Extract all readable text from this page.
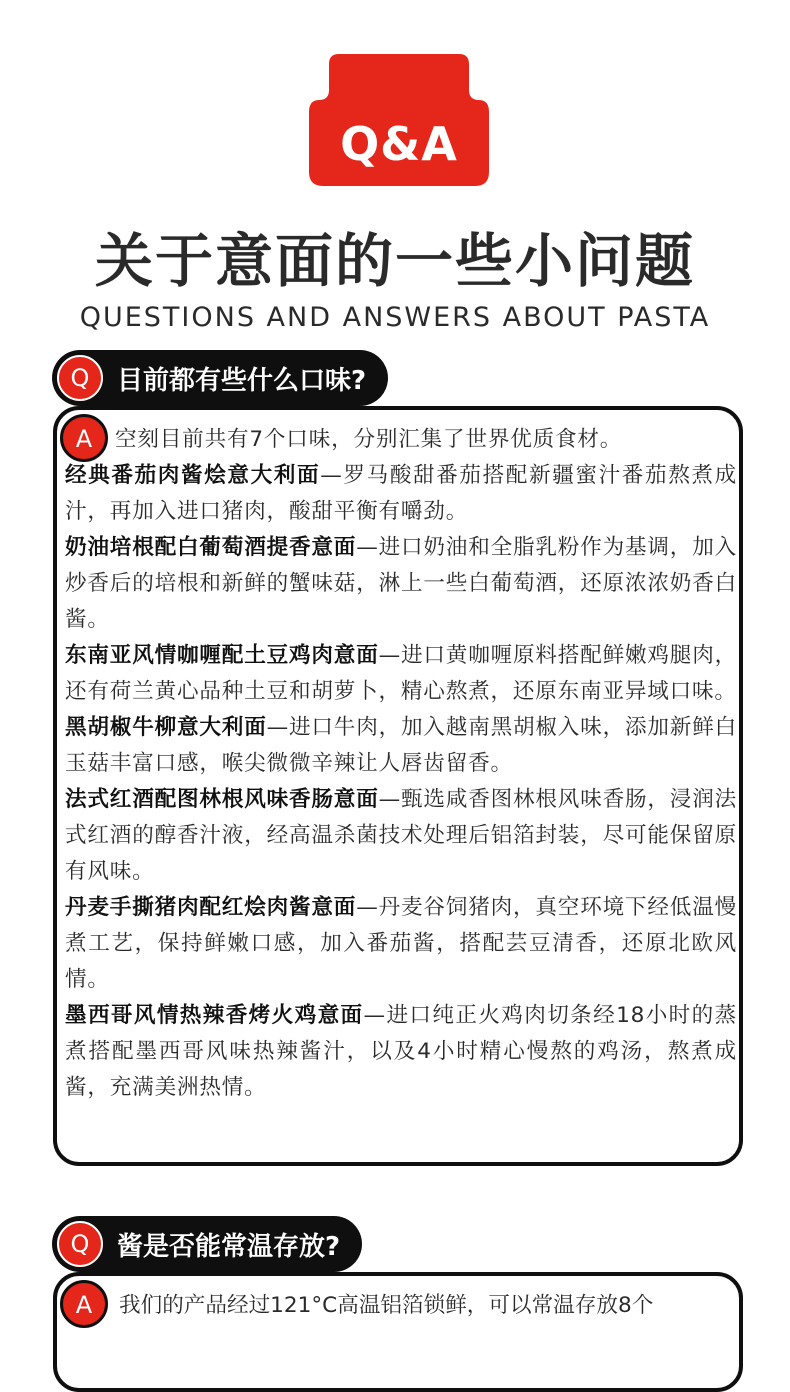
Q&A
关于意面的一些小问题
QUESTIONS AND ANSWERS ABOUT PASTA
Q	目前都有些什么口味?
A	空刻目前共有7个口味，分别汇集了世界优质食材。
经典番茄肉酱烩意大利面—罗马酸甜番茄搭配新疆蜜汁番茄熬煮成汁，再加入进口猪肉，酸甜平衡有嚼劲。
奶油培根配白葡萄酒提香意面—进口奶油和全脂乳粉作为基调，加入炒香后的培根和新鲜的蟹味菇，淋上一些白葡萄酒，还原浓浓奶香白酱。
东南亚风情咖喱配土豆鸡肉意面—进口黄咖喱原料搭配鲜嫩鸡腿肉，还有荷兰黄心品种土豆和胡萝卜，精心熬煮，还原东南亚异域口味。
黑胡椒牛柳意大利面—进口牛肉，加入越南黑胡椒入味，添加新鲜白玉菇丰富口感，喉尖微微辛辣让人唇齿留香。
法式红酒配图林根风味香肠意面—甄选咸香图林根风味香肠，浸润法式红酒的醇香汁液，经高温杀菌技术处理后铝箔封装，尽可能保留原有风味。
丹麦手撕猪肉配红烩肉酱意面—丹麦谷饲猪肉，真空环境下经低温慢煮工艺，保持鲜嫩口感，加入番茄酱，搭配芸豆清香，还原北欧风情。
墨西哥风情热辣香烤火鸡意面—进口纯正火鸡肉切条经18小时的蒸煮搭配墨西哥风味热辣酱汁，以及4小时精心慢熬的鸡汤，熬煮成酱，充满美洲热情。
Q	酱是否能常温存放?
A	我们的产品经过121°C高温铝箔锁鲜，可以常温存放8个
